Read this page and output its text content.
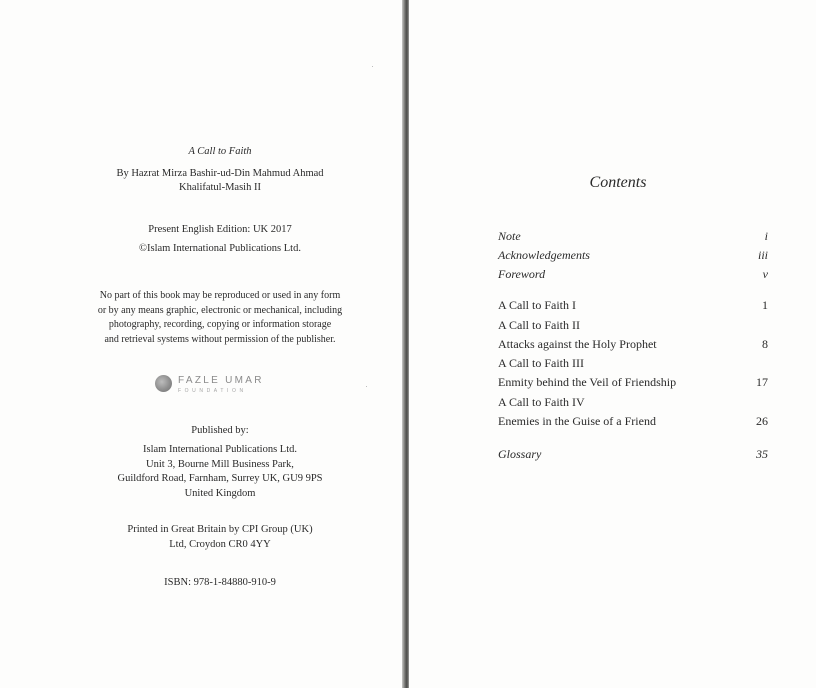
A Call to Faith
By Hazrat Mirza Bashir-ud-Din Mahmud Ahmad
Khalifatul-Masih II
Present English Edition: UK 2017
©Islam International Publications Ltd.
No part of this book may be reproduced or used in any form
or by any means graphic, electronic or mechanical, including
photography, recording, copying or information storage
and retrieval systems without permission of the publisher.
FAZLE UMAR
FOUNDATION
Published by:
Islam International Publications Ltd.
Unit 3, Bourne Mill Business Park,
Guildford Road, Farnham, Surrey UK, GU9 9PS
United Kingdom
Printed in Great Britain by CPI Group (UK)
Ltd, Croydon CR0 4YY
ISBN: 978-1-84880-910-9
Contents
Note	i
Acknowledgements	iii
Foreword	v
A Call to Faith I	1
A Call to Faith II
Attacks against the Holy Prophet	8
A Call to Faith III
Enmity behind the Veil of Friendship	17
A Call to Faith IV
Enemies in the Guise of a Friend	26
Glossary	35
